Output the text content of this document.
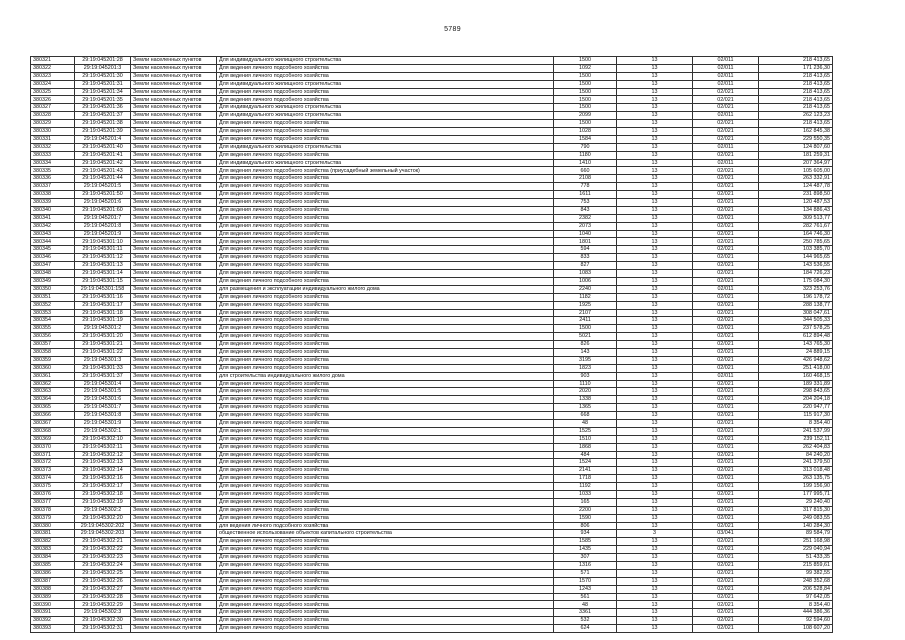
5789
380321	29:19:045201:28	Земли населенных пунктов	Для индивидуального жилищного строительства	1500	13	02/011	218 413,65
380322	29:19:045201:3	Земли населенных пунктов	Для ведения личного подсобного хозяйства	1092	13	02/011	171 236,30
380323	29:19:045201:30	Земли населенных пунктов	Для ведения личного подсобного хозяйства	1500	13	02/011	218 413,65
380324	29:19:045201:31	Земли населенных пунктов	Для индивидуального жилищного строительства	1500	13	02/011	218 413,65
380325	29:19:045201:34	Земли населенных пунктов	Для ведения личного подсобного хозяйства	1500	13	02/021	218 413,65
380326	29:19:045201:35	Земли населенных пунктов	Для ведения личного подсобного хозяйства	1500	13	02/021	218 413,65
380327	29:19:045201:36	Земли населенных пунктов	Для индивидуального жилищного строительства	1500	13	02/021	218 413,65
380328	29:19:045201:37	Земли населенных пунктов	Для индивидуального жилищного строительства	2099	13	02/011	262 123,23
380329	29:19:045201:38	Земли населенных пунктов	Для ведения личного подсобного хозяйства	1500	13	02/021	218 413,65
380330	29:19:045201:39	Земли населенных пунктов	Для ведения личного подсобного хозяйства	1028	13	02/021	162 845,38
380331	29:19:045201:4	Земли населенных пунктов	Для ведения личного подсобного хозяйства	1584	13	02/021	229 550,35
380332	29:19:045201:40	Земли населенных пунктов	Для индивидуального жилищного строительства	790	13	02/011	124 807,60
380333	29:19:045201:41	Земли населенных пунктов	Для ведения личного подсобного хозяйства	1180	13	02/021	181 259,31
380334	29:19:045201:42	Земли населенных пунктов	Для индивидуального жилищного строительства	1410	13	02/011	207 364,97
380335	29:19:045201:43	Земли населенных пунктов	Для ведения личного подсобного хозяйства (приусадебный земельный участок)	660	13	02/021	105 605,00
380336	29:19:045201:44	Земли населенных пунктов	Для ведения личного подсобного хозяйства	2108	13	02/021	263 332,91
380337	29:19:045201:5	Земли населенных пунктов	Для ведения личного подсобного хозяйства	778	13	02/021	124 487,78
380338	29:19:045201:50	Земли населенных пунктов	Для ведения личного подсобного хозяйства	1611	13	02/021	231 898,50
380339	29:19:045201:6	Земли населенных пунктов	Для ведения личного подсобного хозяйства	753	13	02/021	120 487,53
380340	29:19:045201:60	Земли населенных пунктов	Для ведения личного подсобного хозяйства	843	13	02/021	134 886,43
380341	29:19:045201:7	Земли населенных пунктов	Для ведения личного подсобного хозяйства	2382	13	02/021	309 513,77
380342	29:19:045201:8	Земли населенных пунктов	Для ведения личного подсобного хозяйства	2073	13	02/021	282 761,67
380343	29:19:045201:9	Земли населенных пунктов	Для ведения личного подсобного хозяйства	1040	13	02/021	164 746,30
380344	29:19:045301:10	Земли населенных пунктов	Для ведения личного подсобного хозяйства	1801	13	02/021	250 785,65
380345	29:19:045301:11	Земли населенных пунктов	Для ведения личного подсобного хозяйства	594	13	02/021	103 385,70
380346	29:19:045301:12	Земли населенных пунктов	Для ведения личного подсобного хозяйства	833	13	02/021	144 965,65
380347	29:19:045301:13	Земли населенных пунктов	Для ведения личного подсобного хозяйства	827	13	02/021	143 536,55
380348	29:19:045301:14	Земли населенных пунктов	Для ведения личного подсобного хозяйства	1083	13	02/021	184 726,23
380349	29:19:045301:15	Земли населенных пунктов	Для ведения личного подсобного хозяйства	1006	13	02/021	175 084,30
380350	29:19:045301:158	Земли населенных пунктов	для размещения и эксплуатации индивидуального жилого дома	2240	13	02/011	323 253,76
380351	29:19:045301:16	Земли населенных пунктов	Для ведения личного подсобного хозяйства	1182	13	02/021	196 178,72
380352	29:19:045301:17	Земли населенных пунктов	Для ведения личного подсобного хозяйства	1925	13	02/021	288 138,77
380353	29:19:045301:18	Земли населенных пунктов	Для ведения личного подсобного хозяйства	2107	13	02/021	308 047,61
380354	29:19:045301:19	Земли населенных пунктов	Для ведения личного подсобного хозяйства	2411	13	02/021	344 505,33
380355	29:19:045301:2	Земли населенных пунктов	Для ведения личного подсобного хозяйства	1500	13	02/021	237 578,25
380356	29:19:045301:20	Земли населенных пунктов	Для ведения личного подсобного хозяйства	5021	13	02/021	612 894,48
380357	29:19:045301:21	Земли населенных пунктов	Для ведения личного подсобного хозяйства	826	13	02/021	143 765,30
380358	29:19:045301:22	Земли населенных пунктов	Для ведения личного подсобного хозяйства	143	13	02/021	24 889,15
380359	29:19:045301:3	Земли населенных пунктов	Для ведения личного подсобного хозяйства	3195	13	02/021	426 948,62
380360	29:19:045301:33	Земли населенных пунктов	Для ведения личного подсобного хозяйства	1823	13	02/021	251 418,00
380361	29:19:045301:37	Земли населенных пунктов	для строительства индивидуального жилого дома	903	13	02/011	160 468,15
380362	29:19:045301:4	Земли населенных пунктов	Для ведения личного подсобного хозяйства	1110	13	02/021	189 331,89
380363	29:19:045301:5	Земли населенных пунктов	Для ведения личного подсобного хозяйства	2020	13	02/021	298 843,65
380364	29:19:045301:6	Земли населенных пунктов	Для ведения личного подсобного хозяйства	1338	13	02/021	204 204,18
380365	29:19:045301:7	Земли населенных пунктов	Для ведения личного подсобного хозяйства	1365	13	02/021	220 947,77
380366	29:19:045301:8	Земли населенных пунктов	Для ведения личного подсобного хозяйства	668	13	02/021	115 917,30
380367	29:19:045301:9	Земли населенных пунктов	Для ведения личного подсобного хозяйства	48	13	02/021	8 354,40
380368	29:19:045302:1	Земли населенных пунктов	Для ведения личного подсобного хозяйства	1525	13	02/021	241 537,99
380369	29:19:045302:10	Земли населенных пунктов	Для ведения личного подсобного хозяйства	1510	13	02/021	239 152,11
380370	29:19:045302:11	Земли населенных пунктов	Для ведения личного подсобного хозяйства	1868	13	02/021	262 404,83
380371	29:19:045302:12	Земли населенных пунктов	Для ведения личного подсобного хозяйства	484	13	02/021	84 240,20
380372	29:19:045302:13	Земли населенных пунктов	Для ведения личного подсобного хозяйства	1524	13	02/021	241 379,50
380373	29:19:045302:14	Земли населенных пунктов	Для ведения личного подсобного хозяйства	2141	13	02/021	313 018,48
380374	29:19:045302:16	Земли населенных пунктов	Для ведения личного подсобного хозяйства	1718	13	02/021	263 135,75
380375	29:19:045302:17	Земли населенных пунктов	Для ведения личного подсобного хозяйства	1192	13	02/021	199 156,90
380376	29:19:045302:18	Земли населенных пунктов	Для ведения личного подсобного хозяйства	1033	13	02/021	177 995,71
380377	29:19:045302:19	Земли населенных пунктов	Для ведения личного подсобного хозяйства	165	13	02/021	29 240,40
380378	29:19:045302:2	Земли населенных пунктов	Для ведения личного подсобного хозяйства	2200	13	02/021	317 815,30
380379	29:19:045302:20	Земли населенных пунктов	Для ведения личного подсобного хозяйства	1590	13	02/021	249 083,55
380380	29:19:045302:202	Земли населенных пунктов	для ведения личного подсобного хозяйства	806	13	02/021	140 284,30
380381	29:19:045302:203	Земли населенных пунктов	общественное использование объектов капитального строительства	934	3	03/041	89 584,79
380382	29:19:045302:21	Земли населенных пунктов	Для ведения личного подсобного хозяйства	1585	13	02/021	251 168,98
380383	29:19:045302:22	Земли населенных пунктов	Для ведения личного подсобного хозяйства	1435	13	02/021	229 040,94
380384	29:19:045302:23	Земли населенных пунктов	Для ведения личного подсобного хозяйства	307	13	02/021	51 433,35
380385	29:19:045302:24	Земли населенных пунктов	Для ведения личного подсобного хозяйства	1316	13	02/021	215 859,61
380386	29:19:045302:25	Земли населенных пунктов	Для ведения личного подсобного хозяйства	571	13	02/021	99 382,55
380387	29:19:045302:26	Земли населенных пунктов	Для ведения личного подсобного хозяйства	1570	13	02/021	248 352,68
380388	29:19:045302:27	Земли населенных пунктов	Для ведения личного подсобного хозяйства	1243	13	02/021	206 528,84
380389	29:19:045302:28	Земли населенных пунктов	Для ведения личного подсобного хозяйства	561	13	02/021	97 642,05
380390	29:19:045302:29	Земли населенных пунктов	Для ведения личного подсобного хозяйства	48	13	02/021	8 354,40
380391	29:19:045302:3	Земли населенных пунктов	Для ведения личного подсобного хозяйства	3361	13	02/021	444 386,36
380392	29:19:045302:30	Земли населенных пунктов	Для ведения личного подсобного хозяйства	532	13	02/021	92 594,60
380393	29:19:045302:31	Земли населенных пунктов	Для ведения личного подсобного хозяйства	624	13	02/021	108 607,20
